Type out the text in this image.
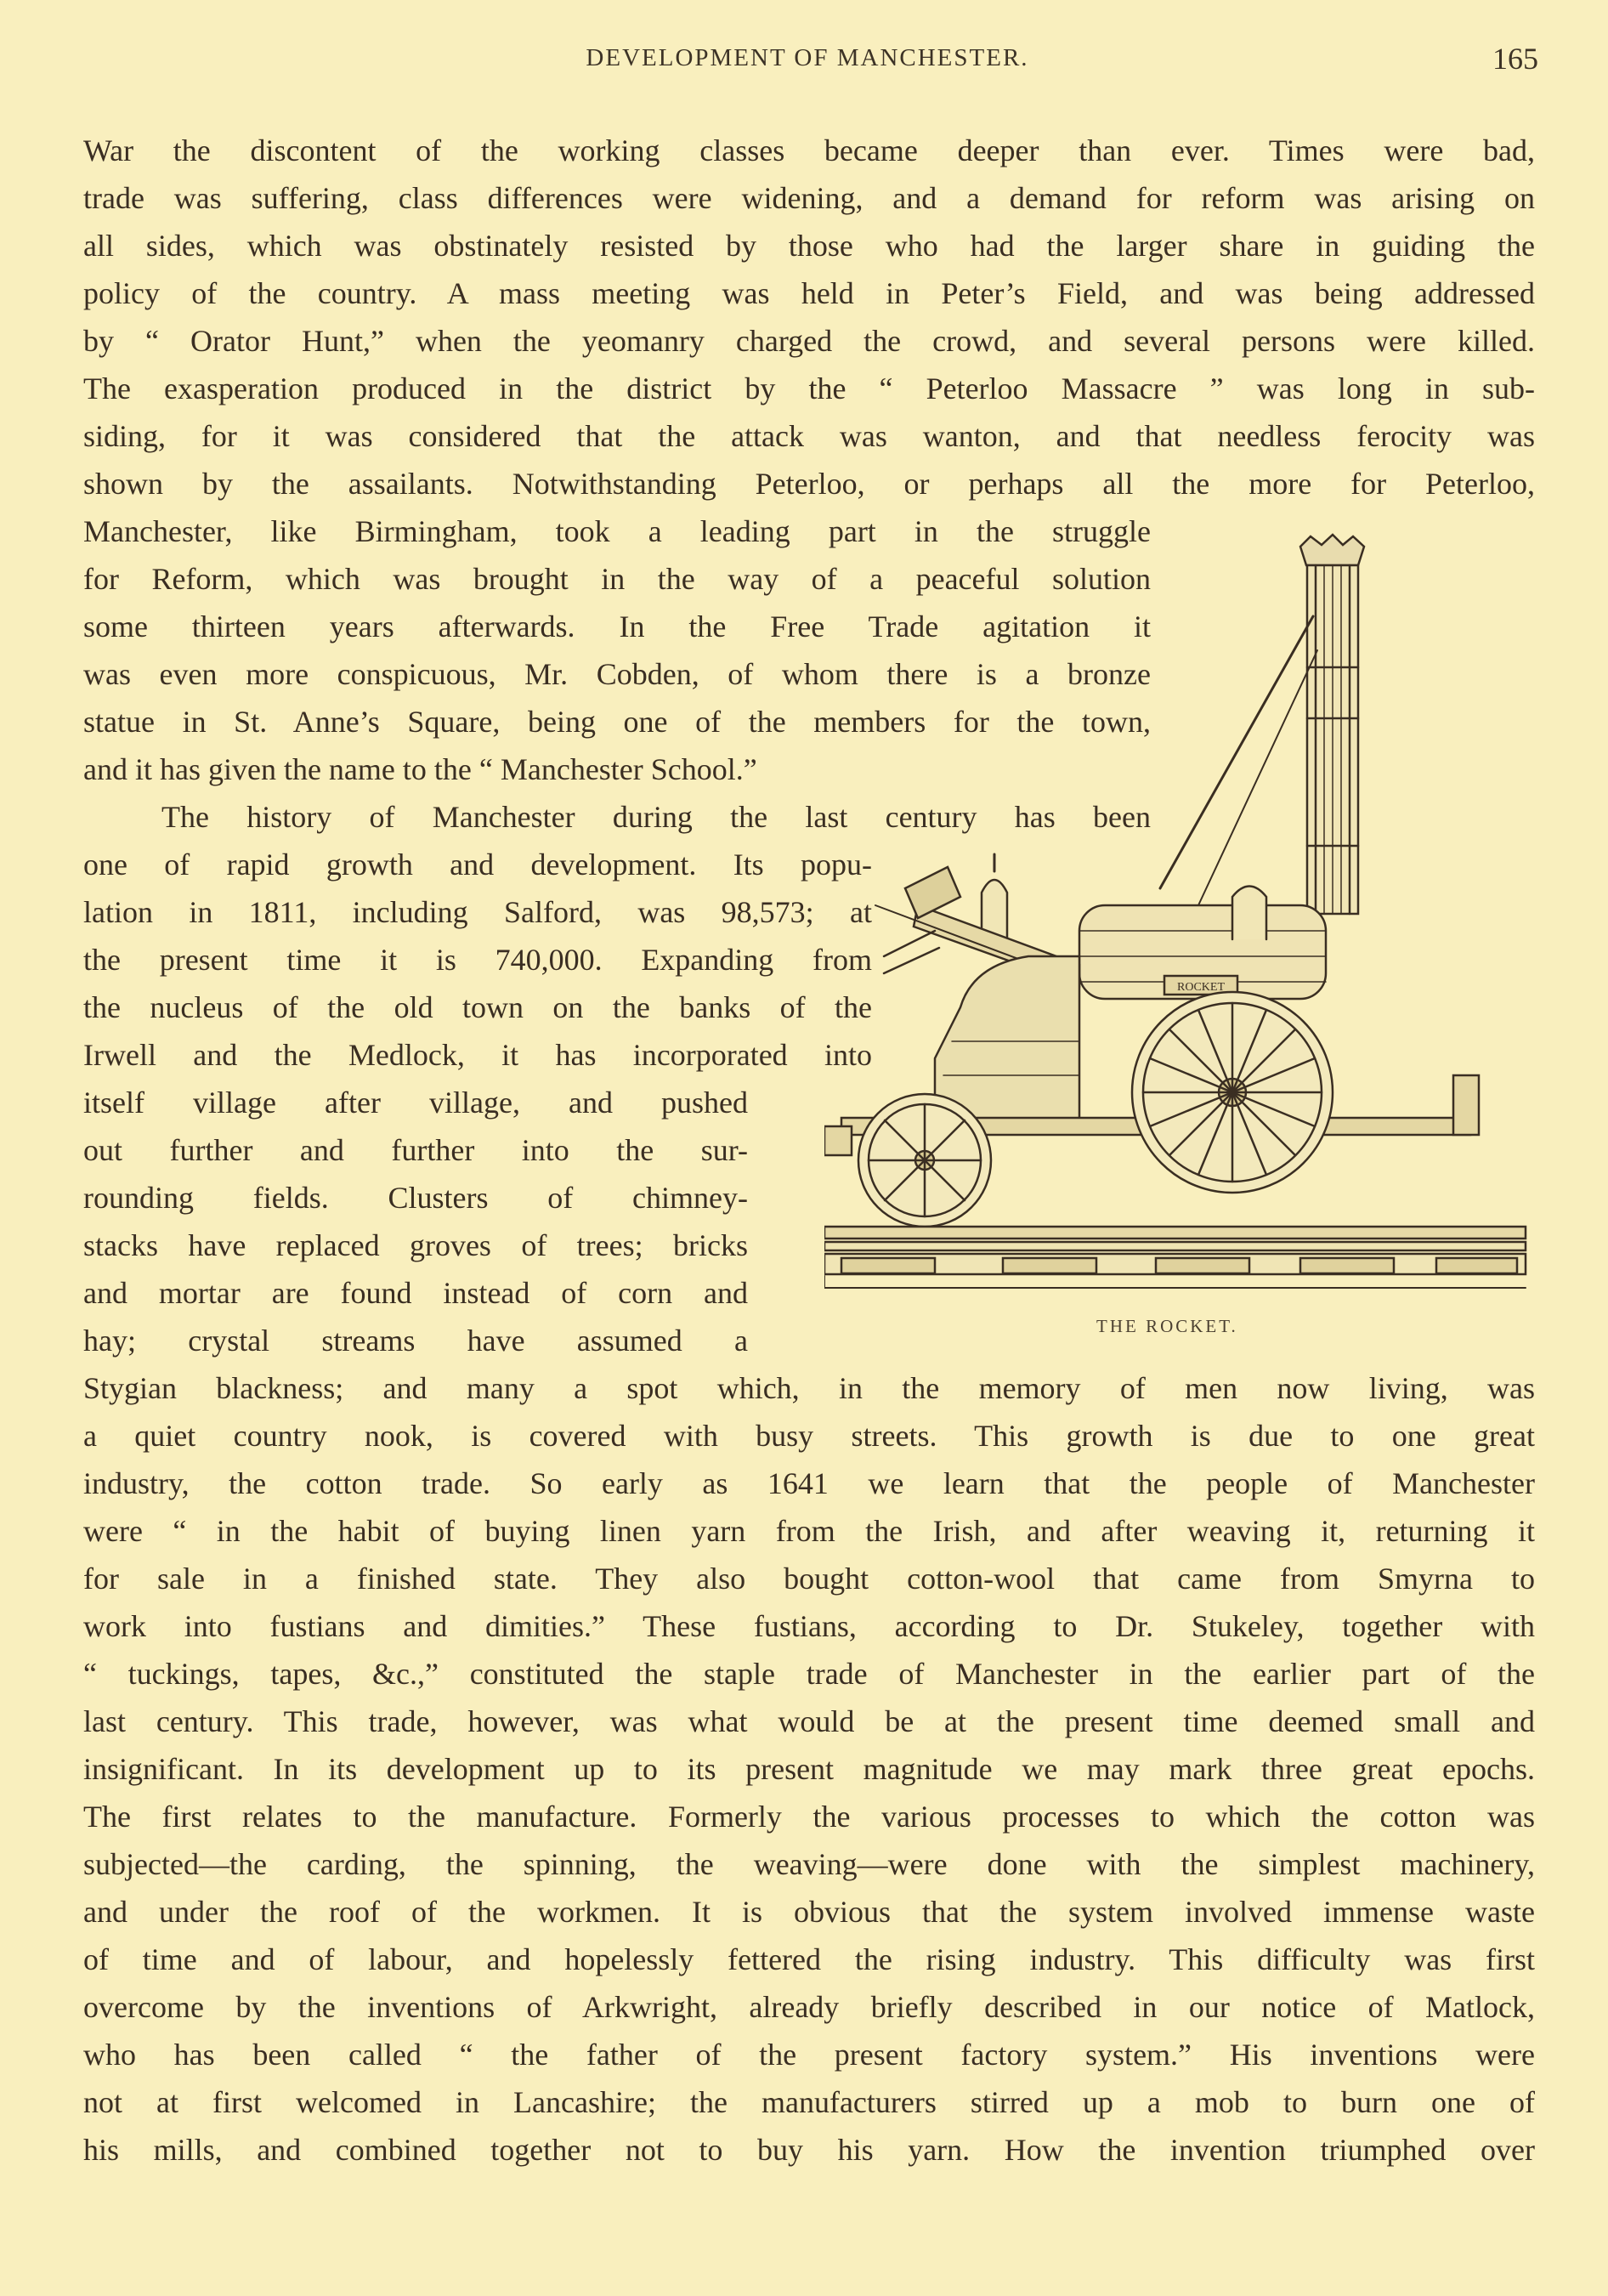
DEVELOPMENT OF MANCHESTER.	165
War the discontent of the working classes became deeper than ever. Times were bad,
trade was suffering, class differences were widening, and a demand for reform was arising on
all sides, which was obstinately resisted by those who had the larger share in guiding the
policy of the country. A mass meeting was held in Peter’s Field, and was being addressed
by “ Orator Hunt,” when the yeomanry charged the crowd, and several persons were killed.
The exasperation produced in the district by the “ Peterloo Massacre ” was long in sub-
siding, for it was considered that the attack was wanton, and that needless ferocity was
shown by the assailants. Notwithstanding Peterloo, or perhaps all the more for Peterloo,
Manchester, like Birmingham, took a leading part in the struggle
for Reform, which was brought in the way of a peaceful solution
some thirteen years afterwards. In the Free Trade agitation it
was even more conspicuous, Mr. Cobden, of whom there is a bronze
statue in St. Anne’s Square, being one of the members for the town,
and it has given the name to the “ Manchester School.”
The history of Manchester during the last century has been
one of rapid growth and development. Its popu-
lation in 1811, including Salford, was 98,573; at
the present time it is 740,000. Expanding from
the nucleus of the old town on the banks of the
Irwell and the Medlock, it has incorporated into
itself village after village, and pushed
out further and further into the sur-
rounding fields. Clusters of chimney-
stacks have replaced groves of trees; bricks
and mortar are found instead of corn and
hay; crystal streams have assumed a
Stygian blackness; and many a spot which, in the memory of men now living, was
a quiet country nook, is covered with busy streets. This growth is due to one great
industry, the cotton trade. So early as 1641 we learn that the people of Manchester
were “ in the habit of buying linen yarn from the Irish, and after weaving it, returning it
for sale in a finished state. They also bought cotton-wool that came from Smyrna to
work into fustians and dimities.” These fustians, according to Dr. Stukeley, together with
“ tuckings, tapes, &c.,” constituted the staple trade of Manchester in the earlier part of the
last century. This trade, however, was what would be at the present time deemed small and
insignificant. In its development up to its present magnitude we may mark three great epochs.
The first relates to the manufacture. Formerly the various processes to which the cotton was
subjected—the carding, the spinning, the weaving—were done with the simplest machinery,
and under the roof of the workmen. It is obvious that the system involved immense waste
of time and of labour, and hopelessly fettered the rising industry. This difficulty was first
overcome by the inventions of Arkwright, already briefly described in our notice of Matlock,
who has been called “ the father of the present factory system.” His inventions were
not at first welcomed in Lancashire; the manufacturers stirred up a mob to burn one of
his mills, and combined together not to buy his yarn. How the invention triumphed over
ROCKET
THE ROCKET.
